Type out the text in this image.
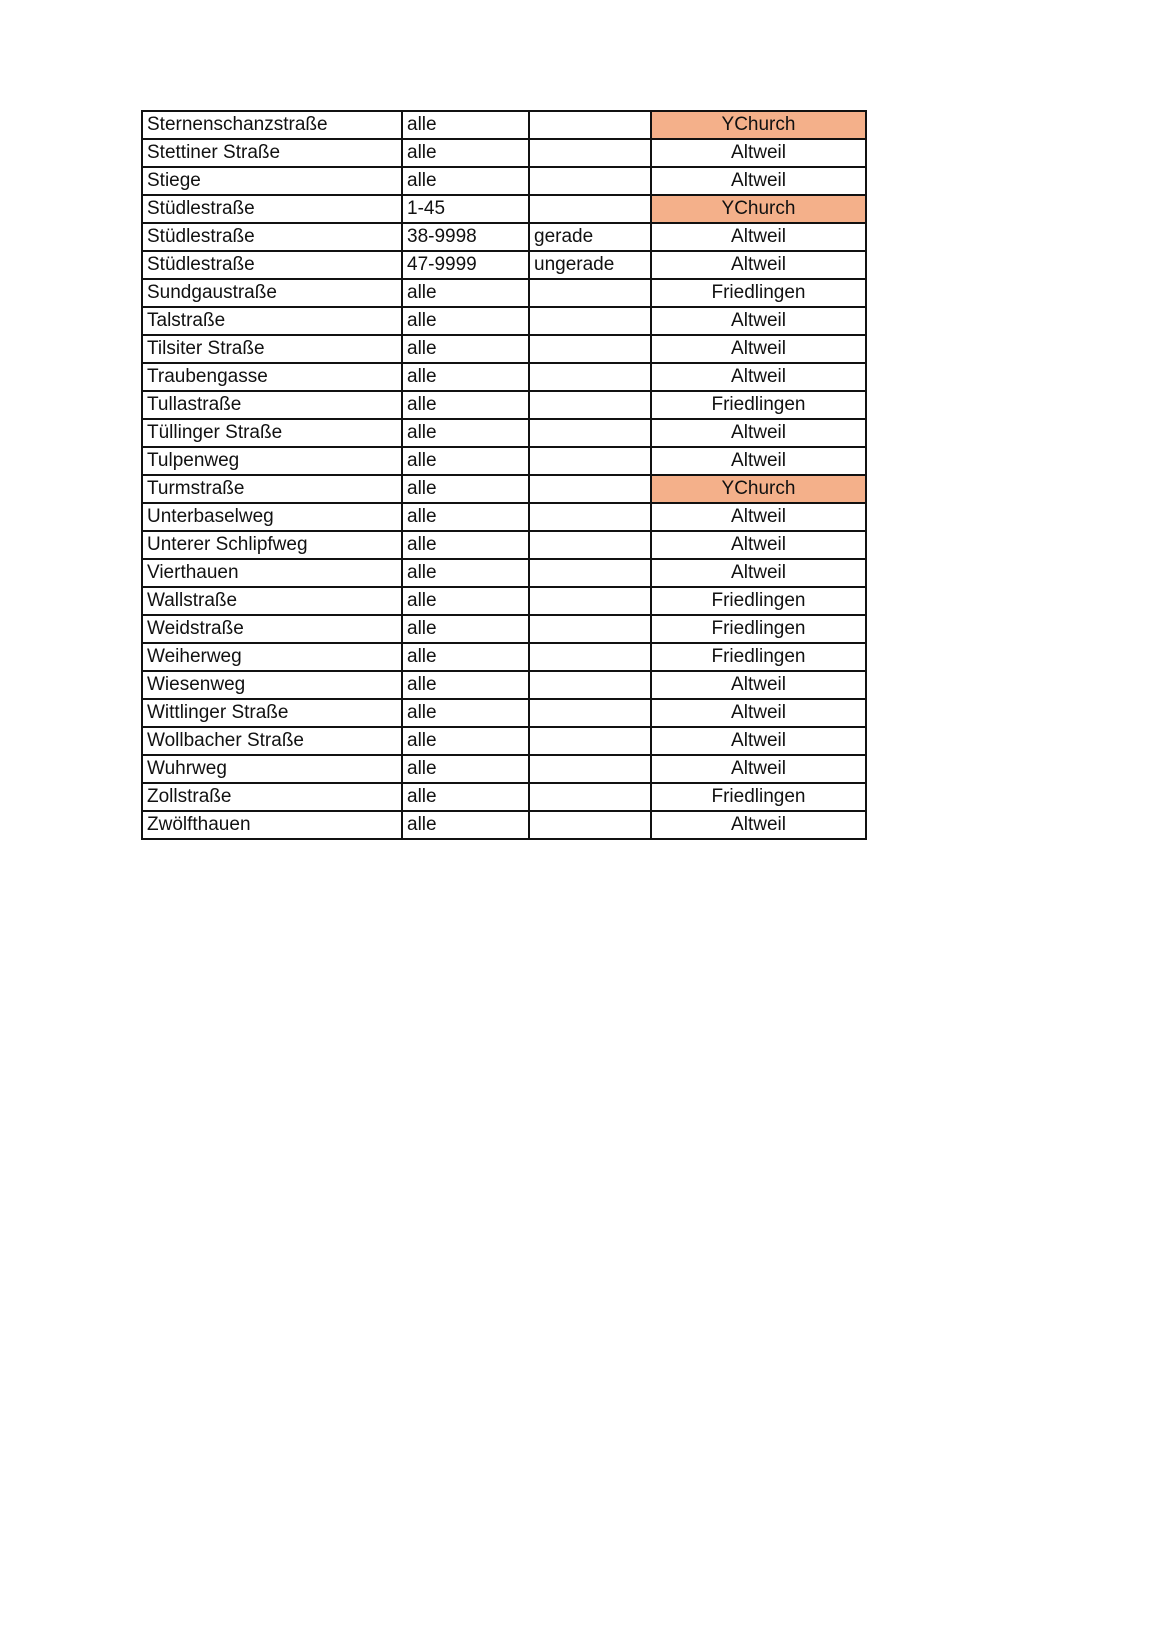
Sternenschanzstraße	alle		YChurch
Stettiner Straße	alle		Altweil
Stiege	alle		Altweil
Stüdlestraße	1-45		YChurch
Stüdlestraße	38-9998	gerade	Altweil
Stüdlestraße	47-9999	ungerade	Altweil
Sundgaustraße	alle		Friedlingen
Talstraße	alle		Altweil
Tilsiter Straße	alle		Altweil
Traubengasse	alle		Altweil
Tullastraße	alle		Friedlingen
Tüllinger Straße	alle		Altweil
Tulpenweg	alle		Altweil
Turmstraße	alle		YChurch
Unterbaselweg	alle		Altweil
Unterer Schlipfweg	alle		Altweil
Vierthauen	alle		Altweil
Wallstraße	alle		Friedlingen
Weidstraße	alle		Friedlingen
Weiherweg	alle		Friedlingen
Wiesenweg	alle		Altweil
Wittlinger Straße	alle		Altweil
Wollbacher Straße	alle		Altweil
Wuhrweg	alle		Altweil
Zollstraße	alle		Friedlingen
Zwölfthauen	alle		Altweil
